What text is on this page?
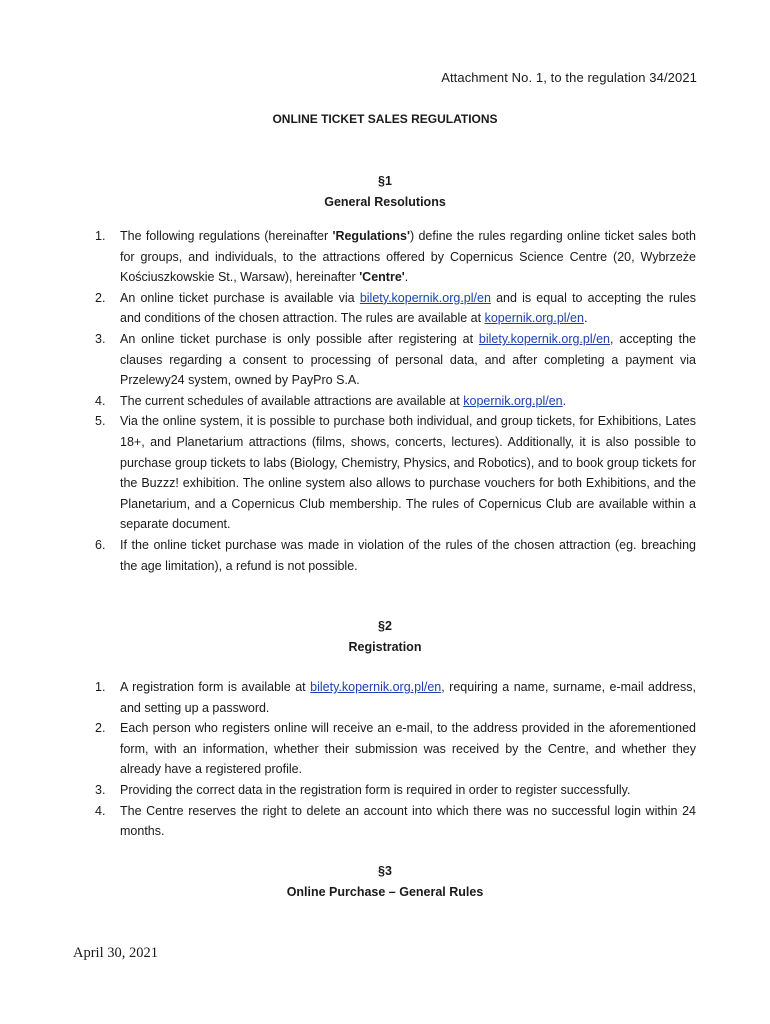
Attachment No. 1, to the regulation 34/2021
ONLINE TICKET SALES REGULATIONS
§1
General Resolutions
1. The following regulations (hereinafter 'Regulations') define the rules regarding online ticket sales both for groups, and individuals, to the attractions offered by Copernicus Science Centre (20, Wybrzeże Kościuszkowskie St., Warsaw), hereinafter 'Centre'.
2. An online ticket purchase is available via bilety.kopernik.org.pl/en and is equal to accepting the rules and conditions of the chosen attraction. The rules are available at kopernik.org.pl/en.
3. An online ticket purchase is only possible after registering at bilety.kopernik.org.pl/en, accepting the clauses regarding a consent to processing of personal data, and after completing a payment via Przelewy24 system, owned by PayPro S.A.
4. The current schedules of available attractions are available at kopernik.org.pl/en.
5. Via the online system, it is possible to purchase both individual, and group tickets, for Exhibitions, Lates 18+, and Planetarium attractions (films, shows, concerts, lectures). Additionally, it is also possible to purchase group tickets to labs (Biology, Chemistry, Physics, and Robotics), and to book group tickets for the Buzzz! exhibition. The online system also allows to purchase vouchers for both Exhibitions, and the Planetarium, and a Copernicus Club membership. The rules of Copernicus Club are available within a separate document.
6. If the online ticket purchase was made in violation of the rules of the chosen attraction (eg. breaching the age limitation), a refund is not possible.
§2
Registration
1. A registration form is available at bilety.kopernik.org.pl/en, requiring a name, surname, e-mail address, and setting up a password.
2. Each person who registers online will receive an e-mail, to the address provided in the aforementioned form, with an information, whether their submission was received by the Centre, and whether they already have a registered profile.
3. Providing the correct data in the registration form is required in order to register successfully.
4. The Centre reserves the right to delete an account into which there was no successful login within 24 months.
§3
Online Purchase – General Rules
April 30, 2021
